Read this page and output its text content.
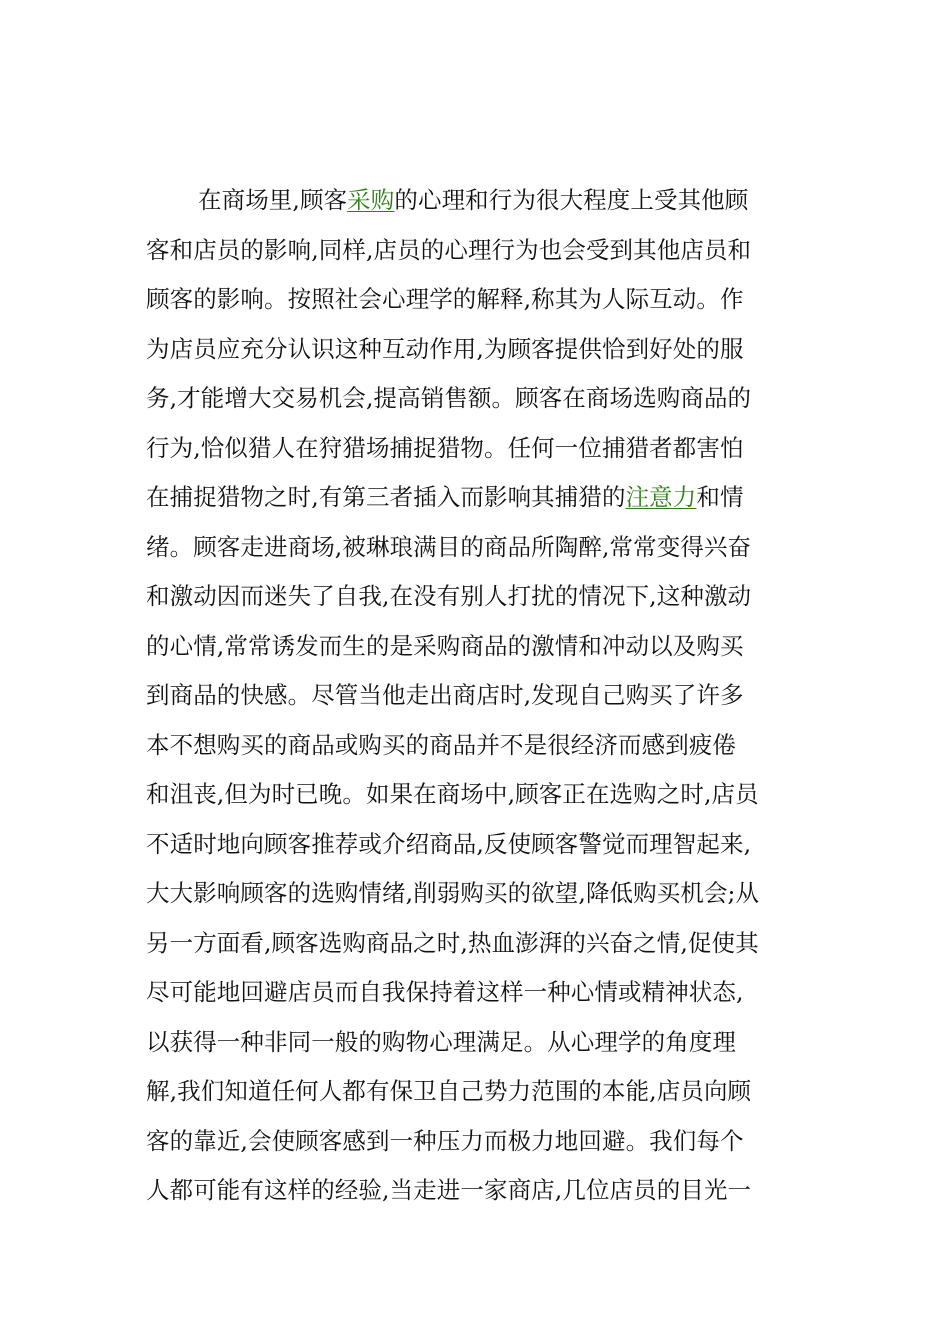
在商场里,顾客采购的心理和行为很大程度上受其他顾
客和店员的影响,同样,店员的心理行为也会受到其他店员和
顾客的影响。按照社会心理学的解释,称其为人际互动。作
为店员应充分认识这种互动作用,为顾客提供恰到好处的服
务,才能增大交易机会,提高销售额。顾客在商场选购商品的
行为,恰似猎人在狩猎场捕捉猎物。任何一位捕猎者都害怕
在捕捉猎物之时,有第三者插入而影响其捕猎的注意力和情
绪。顾客走进商场,被琳琅满目的商品所陶醉,常常变得兴奋
和激动因而迷失了自我,在没有别人打扰的情况下,这种激动
的心情,常常诱发而生的是采购商品的激情和冲动以及购买
到商品的快感。尽管当他走出商店时,发现自己购买了许多
本不想购买的商品或购买的商品并不是很经济而感到疲倦
和沮丧,但为时已晚。如果在商场中,顾客正在选购之时,店员
不适时地向顾客推荐或介绍商品,反使顾客警觉而理智起来,
大大影响顾客的选购情绪,削弱购买的欲望,降低购买机会;从
另一方面看,顾客选购商品之时,热血澎湃的兴奋之情,促使其
尽可能地回避店员而自我保持着这样一种心情或精神状态,
以获得一种非同一般的购物心理满足。从心理学的角度理
解,我们知道任何人都有保卫自己势力范围的本能,店员向顾
客的靠近,会使顾客感到一种压力而极力地回避。我们每个
人都可能有这样的经验,当走进一家商店,几位店员的目光一
